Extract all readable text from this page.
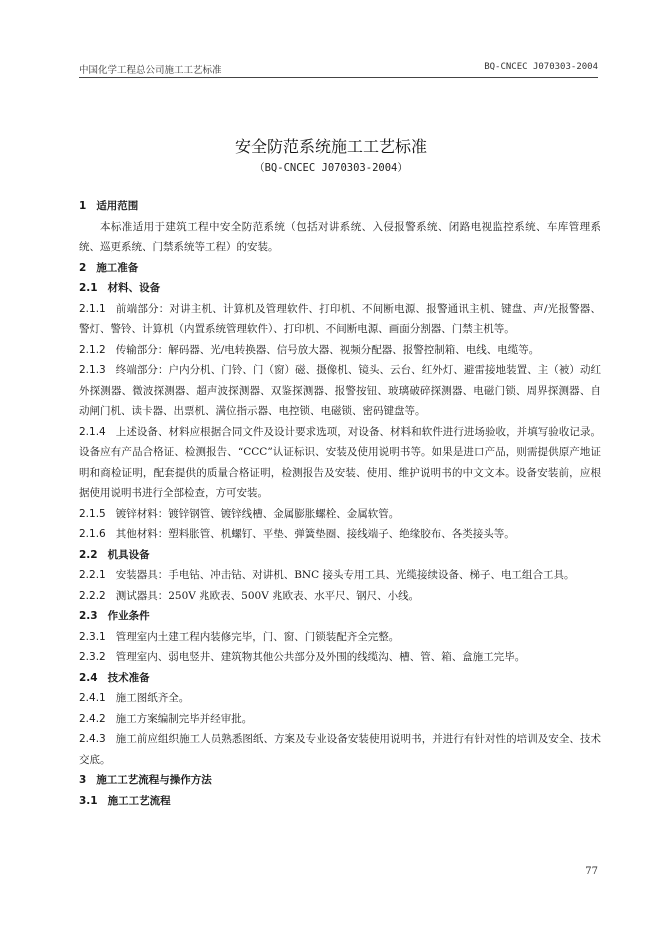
中国化学工程总公司施工工艺标准	BQ-CNCEC J070303-2004
安全防范系统施工工艺标准
（BQ-CNCEC J070303-2004）

1 适用范围

本标准适用于建筑工程中安全防范系统（包括对讲系统、入侵报警系统、闭路电视监控系统、车库管理系统、巡更系统、门禁系统等工程）的安装。

2 施工准备

2.1 材料、设备

2.1.1 前端部分：对讲主机、计算机及管理软件、打印机、不间断电源、报警通讯主机、键盘、声/光报警器、警灯、警铃、计算机（内置系统管理软件）、打印机、不间断电源、画面分割器、门禁主机等。

2.1.2 传输部分：解码器、光/电转换器、信号放大器、视频分配器、报警控制箱、电线、电缆等。

2.1.3 终端部分：户内分机、门铃、门（窗）磁、摄像机、镜头、云台、红外灯、避雷接地装置、主（被）动红外探测器、微波探测器、超声波探测器、双鉴探测器、报警按钮、玻璃破碎探测器、电磁门锁、周界探测器、自动闸门机、读卡器、出票机、满位指示器、电控锁、电磁锁、密码键盘等。

2.1.4 上述设备、材料应根据合同文件及设计要求选项，对设备、材料和软件进行进场验收，并填写验收记录。设备应有产品合格证、检测报告、“CCC”认证标识、安装及使用说明书等。如果是进口产品，则需提供原产地证明和商检证明，配套提供的质量合格证明，检测报告及安装、使用、维护说明书的中文文本。设备安装前，应根据使用说明书进行全部检查，方可安装。

2.1.5 镀锌材料：镀锌钢管、镀锌线槽、金属膨胀螺栓、金属软管。

2.1.6 其他材料：塑料胀管、机螺钉、平垫、弹簧垫圈、接线端子、绝缘胶布、各类接头等。

2.2 机具设备

2.2.1 安装器具：手电钻、冲击钻、对讲机、BNC 接头专用工具、光缆接续设备、梯子、电工组合工具。

2.2.2 测试器具：250V 兆欧表、500V 兆欧表、水平尺、钢尺、小线。

2.3 作业条件

2.3.1 管理室内土建工程内装修完毕，门、窗、门锁装配齐全完整。

2.3.2 管理室内、弱电竖井、建筑物其他公共部分及外围的线缆沟、槽、管、箱、盒施工完毕。

2.4 技术准备

2.4.1 施工图纸齐全。

2.4.2 施工方案编制完毕并经审批。

2.4.3 施工前应组织施工人员熟悉图纸、方案及专业设备安装使用说明书，并进行有针对性的培训及安全、技术交底。

3 施工工艺流程与操作方法

3.1 施工工艺流程

77
